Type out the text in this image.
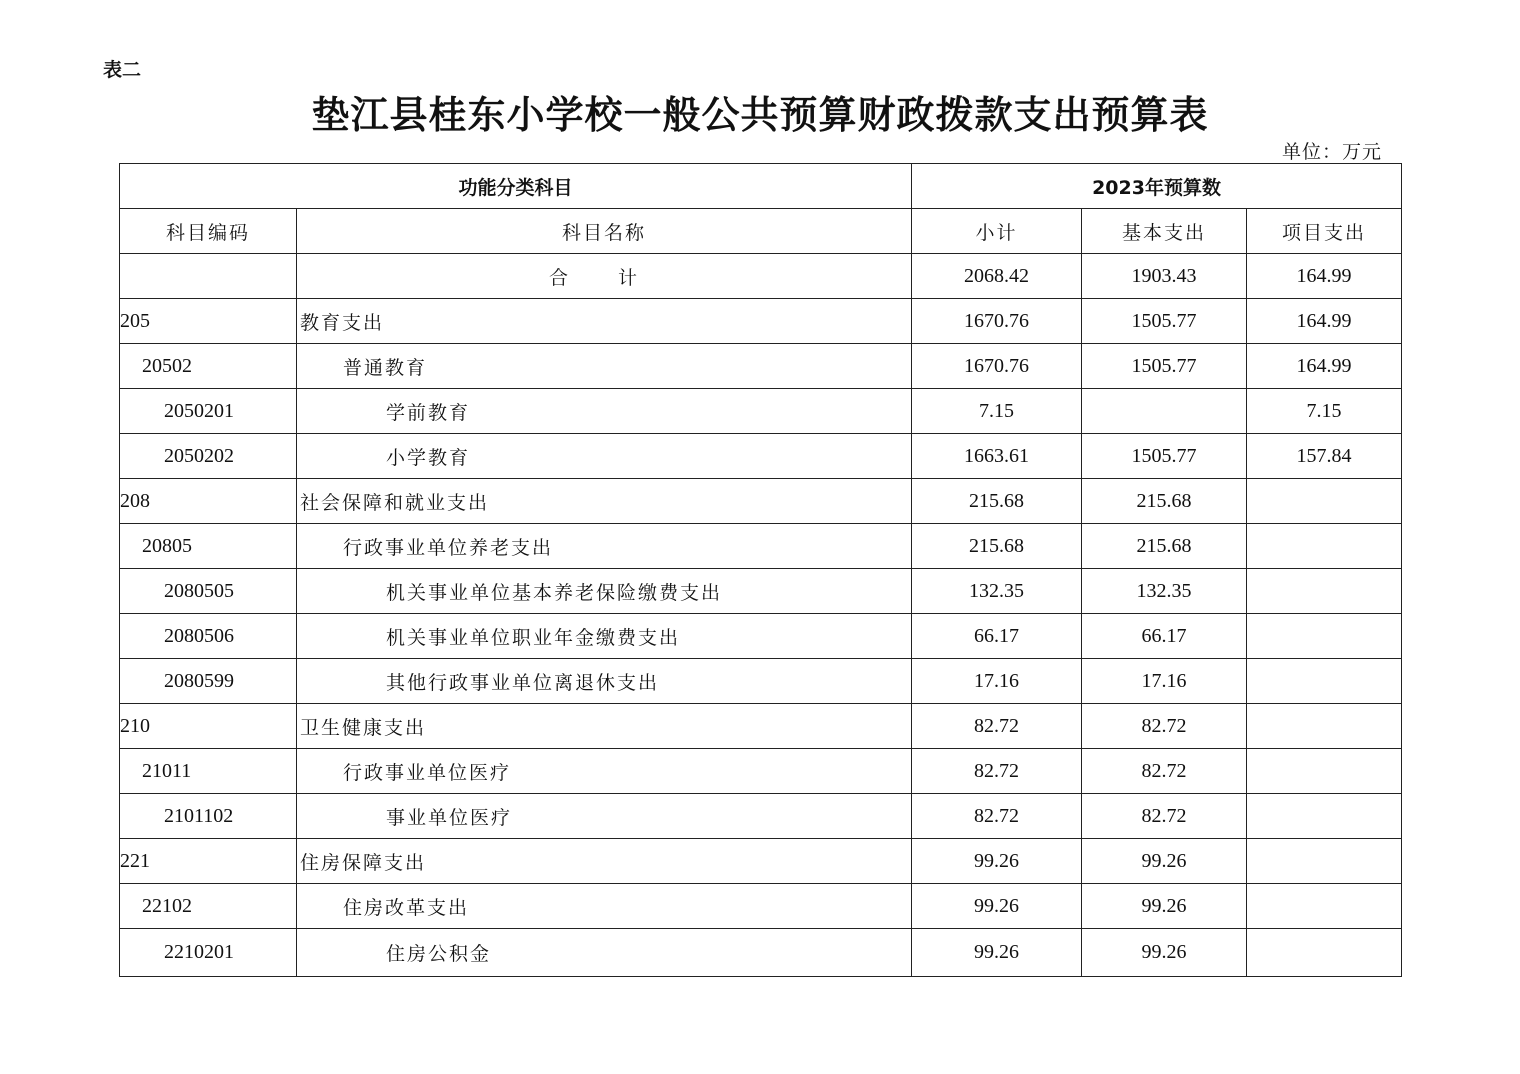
表二
垫江县桂东小学校一般公共预算财政拨款支出预算表
单位：万元
功能分类科目		2023年预算数		
科目编码	科目名称	小计	基本支出	项目支出
	合 计	2068.42	1903.43	164.99
205	教育支出	1670.76	1505.77	164.99
20502	普通教育	1670.76	1505.77	164.99
2050201	学前教育	7.15		7.15
2050202	小学教育	1663.61	1505.77	157.84
208	社会保障和就业支出	215.68	215.68	
20805	行政事业单位养老支出	215.68	215.68	
2080505	机关事业单位基本养老保险缴费支出	132.35	132.35	
2080506	机关事业单位职业年金缴费支出	66.17	66.17	
2080599	其他行政事业单位离退休支出	17.16	17.16	
210	卫生健康支出	82.72	82.72	
21011	行政事业单位医疗	82.72	82.72	
2101102	事业单位医疗	82.72	82.72	
221	住房保障支出	99.26	99.26	
22102	住房改革支出	99.26	99.26	
2210201	住房公积金	99.26	99.26	
